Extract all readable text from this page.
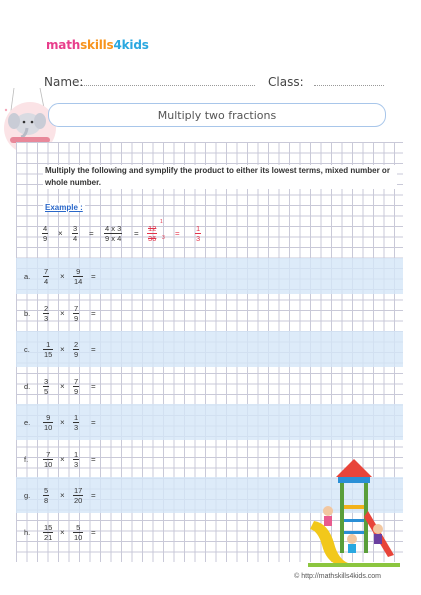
mathskills4kids
Name:	Class:
Multiply two fractions
Multiply the following and symplify the product to either its lowest terms, mixed number or whole number.
Example :
$\frac{4}{9} \times \frac{3}{4} = \frac{4 x 3}{9 x 4} = \frac{12}{36}$
1
$3 = \frac{1}{3}$
a. $\frac{7}{4} \times \frac{9}{14}$ =
b. $\frac{2}{3} \times \frac{7}{9}$ =
c. $\frac{1}{15} \times \frac{2}{9}$ =
d. $\frac{3}{5} \times \frac{7}{9}$ =
e. $\frac{9}{10} \times \frac{1}{3}$ =
f. $\frac{7}{10} \times \frac{1}{3}$ =
g. $\frac{5}{8} \times \frac{17}{20}$ =
h. $\frac{15}{21} \times \frac{5}{10}$ =
© http://mathskills4kids.com
